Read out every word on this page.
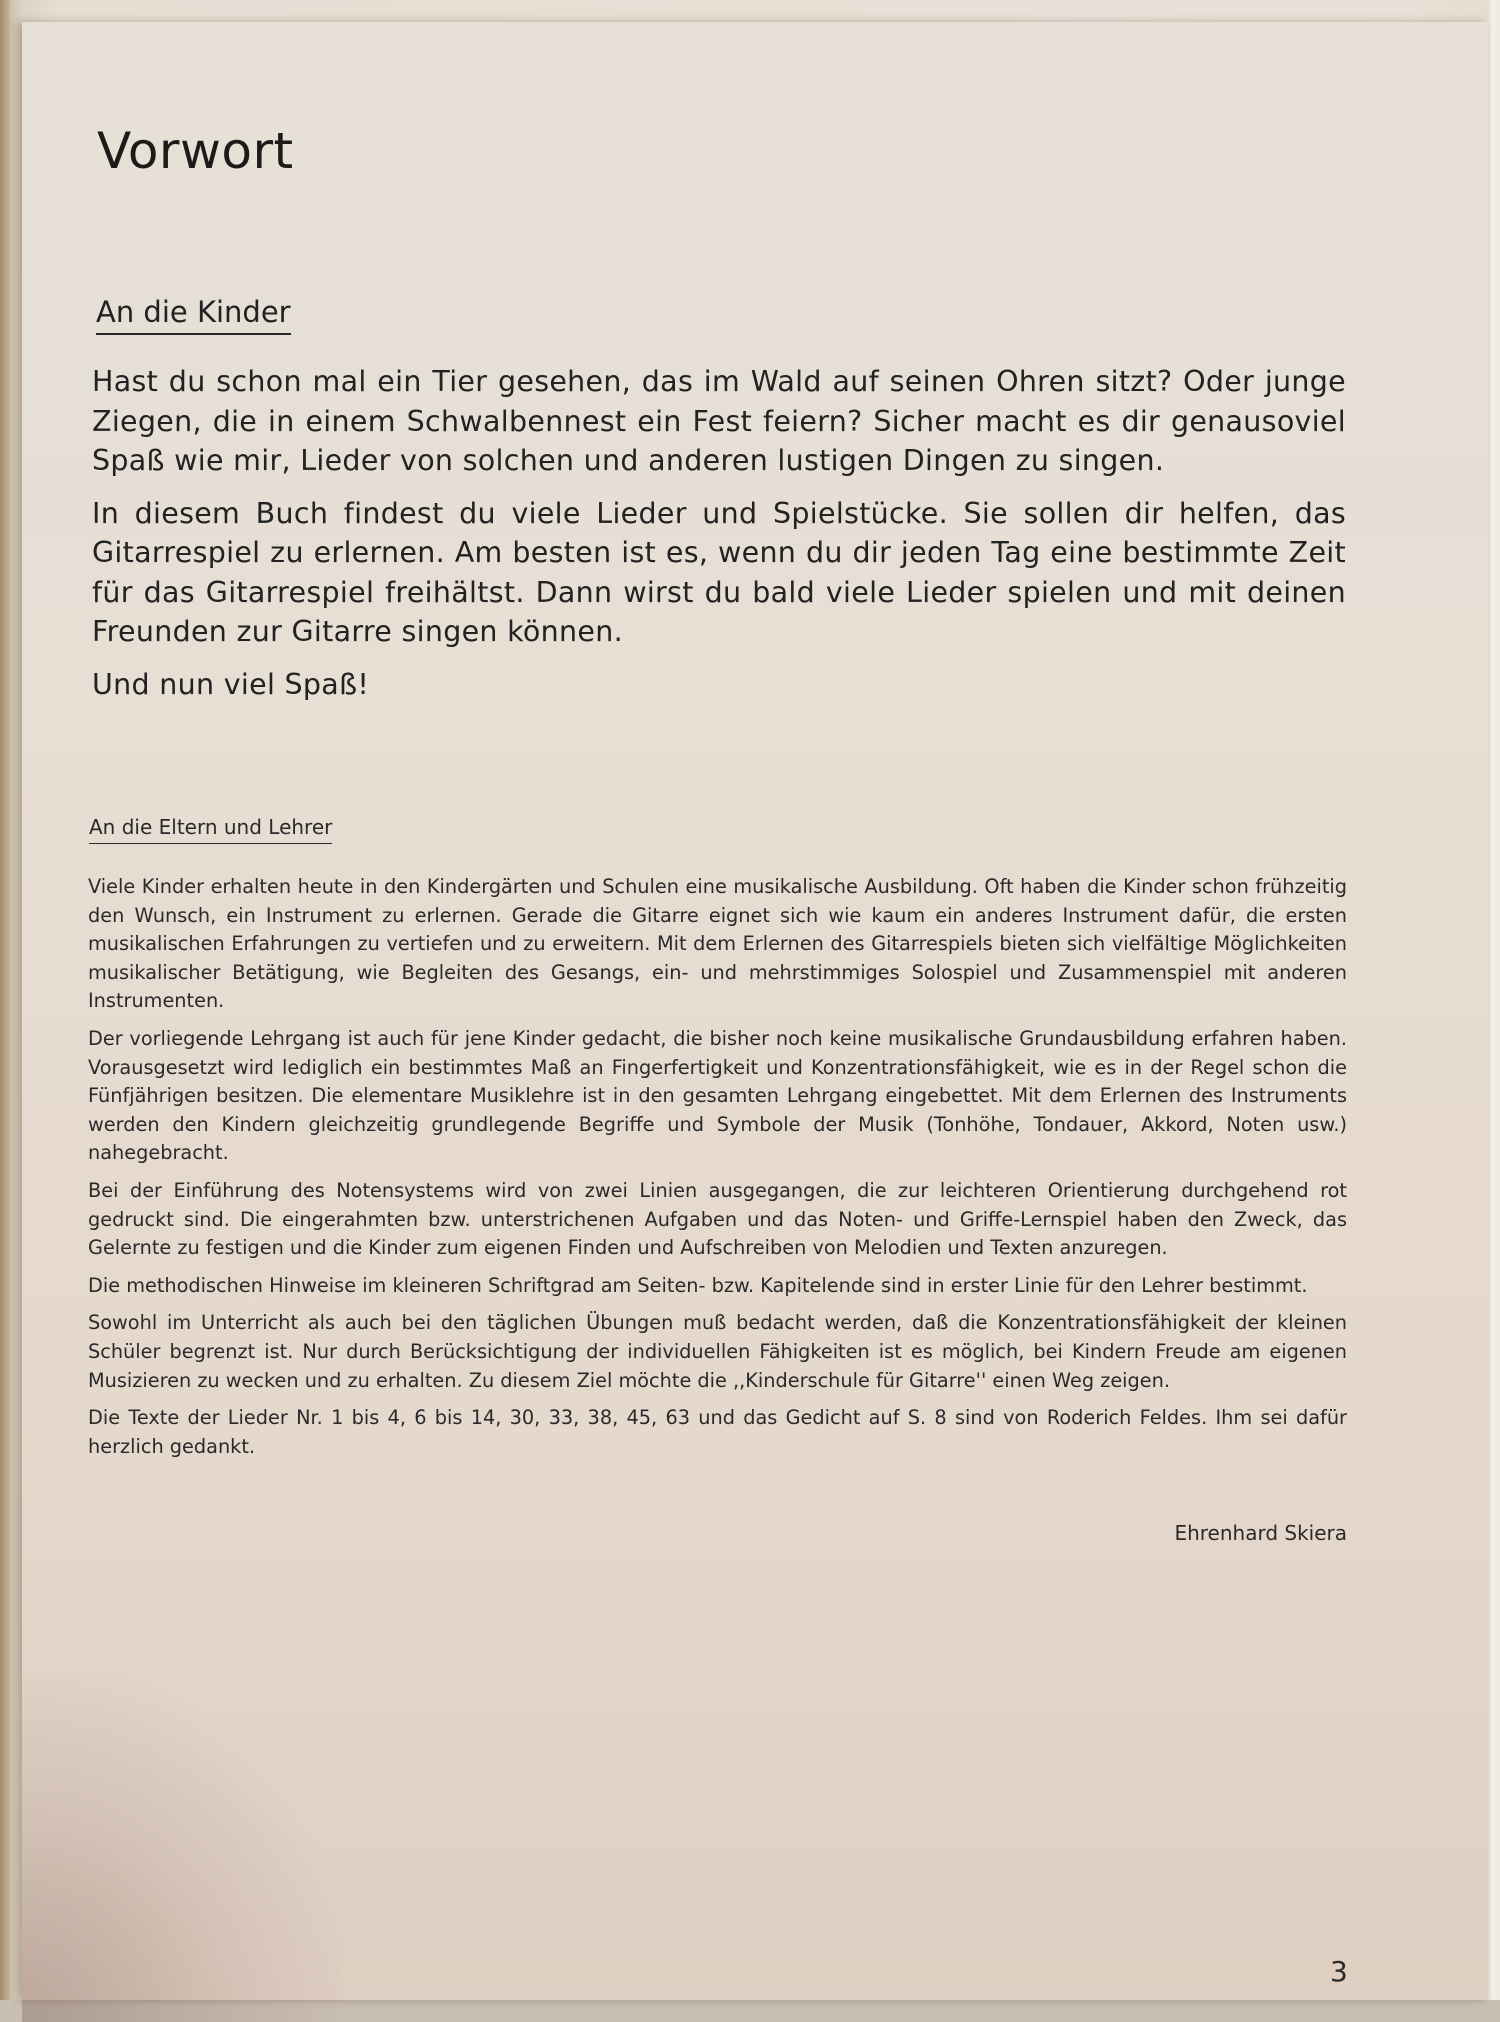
Vorwort
An die Kinder

Hast du schon mal ein Tier gesehen, das im Wald auf seinen Ohren sitzt? Oder junge Ziegen, die in einem Schwalbennest ein Fest feiern? Sicher macht es dir genausoviel Spaß wie mir, Lieder von solchen und anderen lustigen Dingen zu singen.

In diesem Buch findest du viele Lieder und Spielstücke. Sie sollen dir helfen, das Gitarrespiel zu erlernen. Am besten ist es, wenn du dir jeden Tag eine bestimmte Zeit für das Gitarrespiel freihältst. Dann wirst du bald viele Lieder spielen und mit deinen Freunden zur Gitarre singen können.

Und nun viel Spaß!

An die Eltern und Lehrer

Viele Kinder erhalten heute in den Kindergärten und Schulen eine musikalische Ausbildung. Oft haben die Kinder schon frühzeitig den Wunsch, ein Instrument zu erlernen. Gerade die Gitarre eignet sich wie kaum ein anderes Instrument dafür, die ersten musikalischen Erfahrungen zu vertiefen und zu erweitern. Mit dem Erlernen des Gitarrespiels bieten sich vielfältige Möglichkeiten musikalischer Betätigung, wie Begleiten des Gesangs, ein- und mehrstimmiges Solospiel und Zusammenspiel mit anderen Instrumenten.

Der vorliegende Lehrgang ist auch für jene Kinder gedacht, die bisher noch keine musikalische Grundausbildung erfahren haben. Vorausgesetzt wird lediglich ein bestimmtes Maß an Fingerfertigkeit und Konzentrationsfähigkeit, wie es in der Regel schon die Fünfjährigen besitzen. Die elementare Musiklehre ist in den gesamten Lehrgang eingebettet. Mit dem Erlernen des Instruments werden den Kindern gleichzeitig grundlegende Begriffe und Symbole der Musik (Tonhöhe, Tondauer, Akkord, Noten usw.) nahegebracht.

Bei der Einführung des Notensystems wird von zwei Linien ausgegangen, die zur leichteren Orientierung durchgehend rot gedruckt sind. Die eingerahmten bzw. unterstrichenen Aufgaben und das Noten- und Griffe-Lernspiel haben den Zweck, das Gelernte zu festigen und die Kinder zum eigenen Finden und Aufschreiben von Melodien und Texten anzuregen.

Die methodischen Hinweise im kleineren Schriftgrad am Seiten- bzw. Kapitelende sind in erster Linie für den Lehrer bestimmt.

Sowohl im Unterricht als auch bei den täglichen Übungen muß bedacht werden, daß die Konzentrationsfähigkeit der kleinen Schüler begrenzt ist. Nur durch Berücksichtigung der individuellen Fähigkeiten ist es möglich, bei Kindern Freude am eigenen Musizieren zu wecken und zu erhalten. Zu diesem Ziel möchte die ,,Kinderschule für Gitarre'' einen Weg zeigen.

Die Texte der Lieder Nr. 1 bis 4, 6 bis 14, 30, 33, 38, 45, 63 und das Gedicht auf S. 8 sind von Roderich Feldes. Ihm sei dafür herzlich gedankt.

Ehrenhard Skiera
3
